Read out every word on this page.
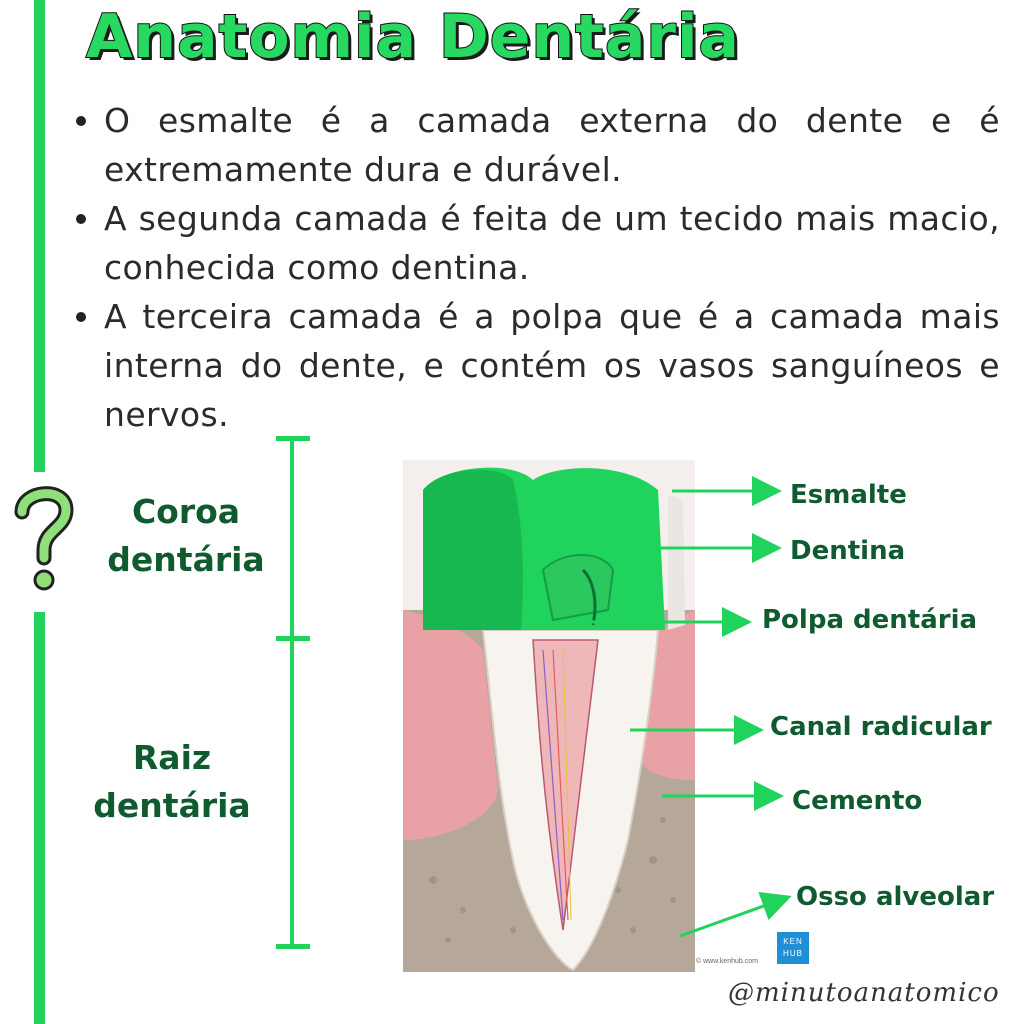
Anatomia Dentária
O esmalte é a camada externa do dente e é extremamente dura e durável.
A segunda camada é feita de um tecido mais macio, conhecida como dentina.
A terceira camada é a polpa que é a camada mais interna do dente, e contém os vasos sanguíneos e nervos.
Coroa
dentária
Raiz
dentária

Esmalte

Dentina

Polpa dentária

Canal radicular

Cemento

Osso alveolar

© www.kenhub.com

KEN
HUB

@minutoanatomico
